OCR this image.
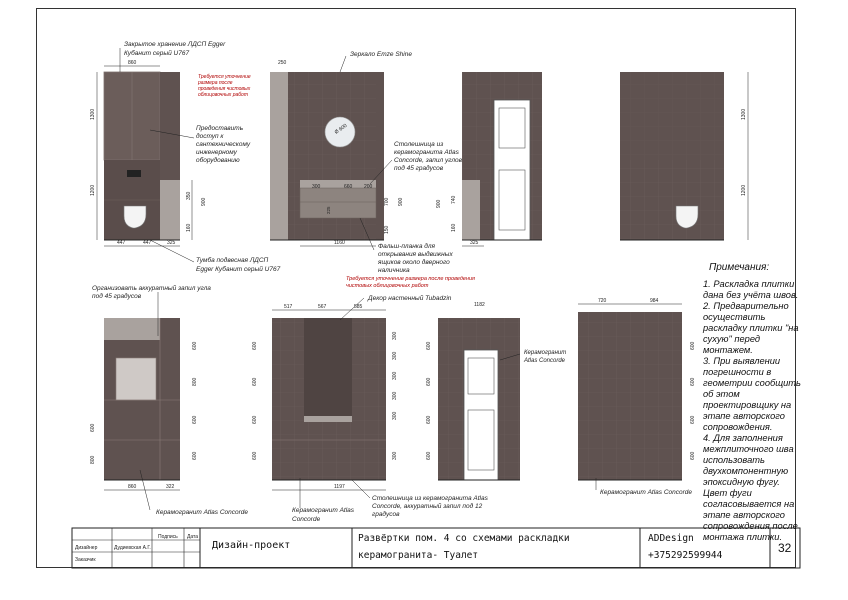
860
1300
1200
447	447	325
350
900
160
Ø 600
250
300	660 200
225
700 900
150
1160
900 740
160
325
1300
1200
600
800
600
800
600
600
860	322
517	567	585
600
600
600
600
300
300
300
300
300
300
1197
1182
600
600
600
600
720	984
600
600
600
600
Закрытое хранение ЛДСП Egger Кубанит серый U767	Зеркало Emze Shine
Требуется уточнение размера после проведения чистовых облицовочных работ
Предоставить доступ к сантехническому инженерному оборудованию
Столешница из керамогранита Atlas Concorde, запил углов под 45 градусов
Тумба подвесная ЛДСП Egger Кубанит серый U767
Фальш-планка для открывания выдвижных ящиков около дверного наличника
Требуется уточнение размера после проведения чистовых облицовочных работ
Организовать аккуратный запил угла под 45 градусов	Декор настенный Tubadzin
Керамогранит Atlas Concorde
Керамогранит Atlas Concorde	Керамогранит Atlas Concorde
Столешница из керамогранита Atlas Concorde, аккуратный запил под 12 градусов
Керамогранит Atlas Concorde
Подпись Дата
Дизайнер	Дудиевская А.Г.
Заказчик
Дизайн-проект
Развёртки пом. 4 со схемами раскладки
керамогранита- Туалет
ADDesign
+375292599944
32
Примечания:

1. Раскладка плитки дана без учёта швов.

2. Предварительно осуществить раскладку плитки "на сухую" перед монтажем.

3. При выявлении погрешности в геометрии сообщить об этом проектировщику на этапе авторского сопровождения.

4. Для заполнения межплиточного шва использовать двухкомпонентную эпоксидную фугу. Цвет фуги согласовывается на этапе авторского сопровождения после монтажа плитки.
